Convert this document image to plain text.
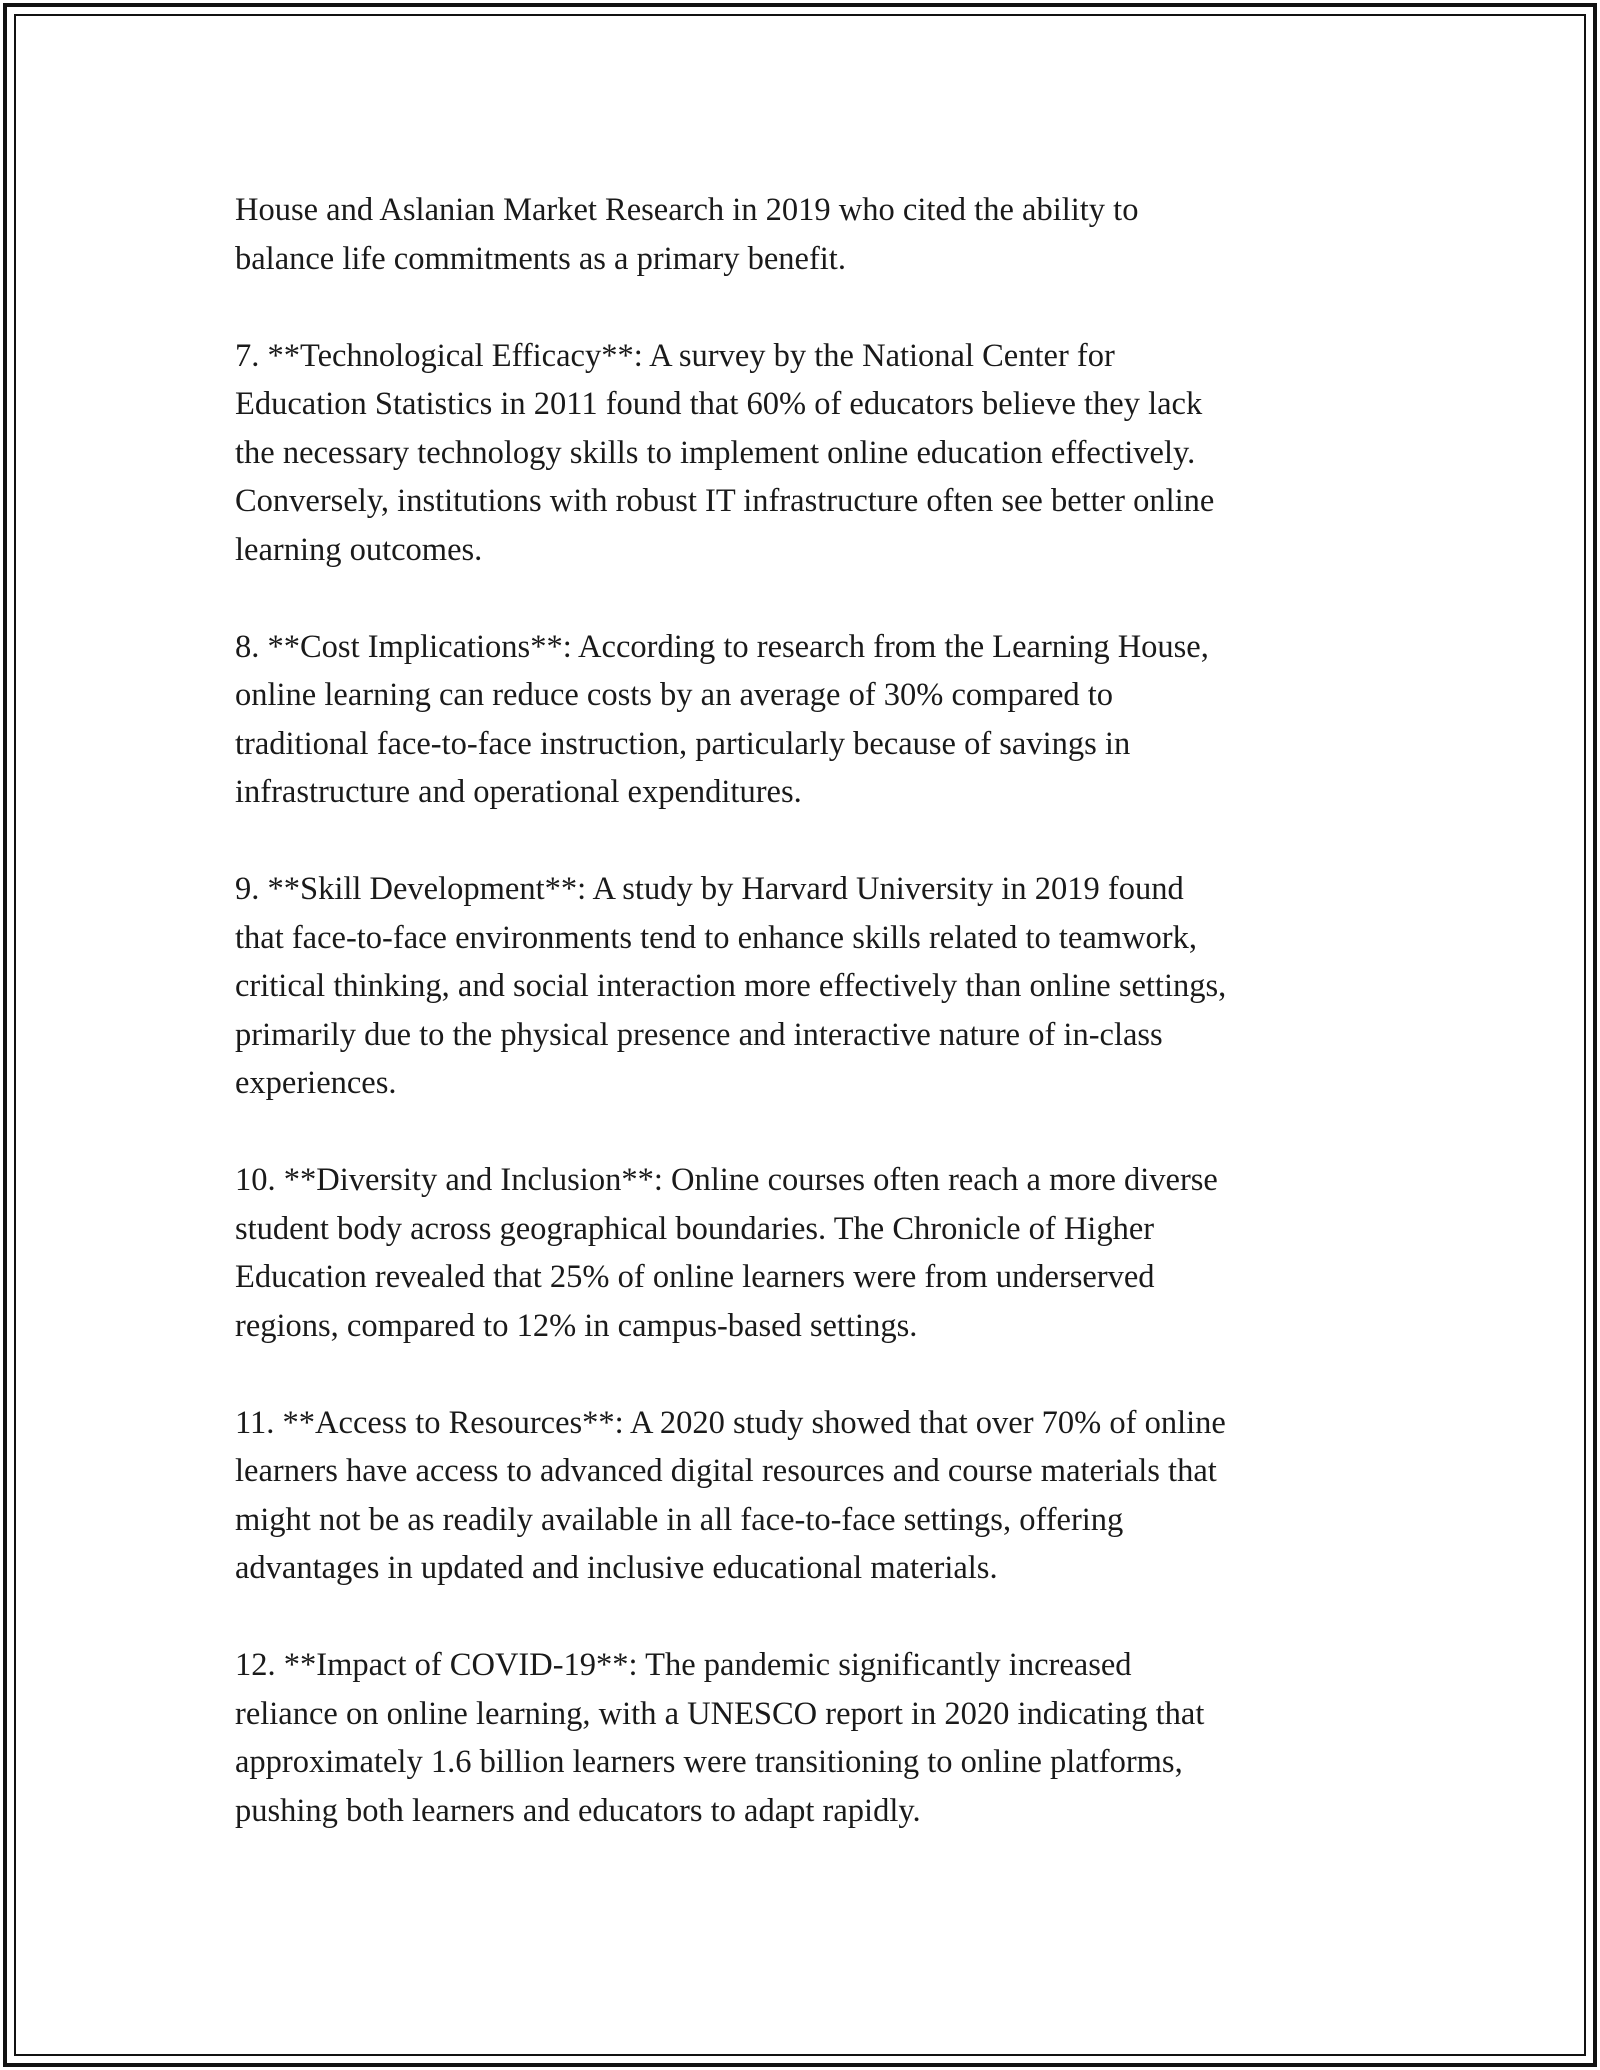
House and Aslanian Market Research in 2019 who cited the ability to
balance life commitments as a primary benefit.

7. **Technological Efficacy**: A survey by the National Center for
Education Statistics in 2011 found that 60% of educators believe they lack
the necessary technology skills to implement online education effectively.
Conversely, institutions with robust IT infrastructure often see better online
learning outcomes.

8. **Cost Implications**: According to research from the Learning House,
online learning can reduce costs by an average of 30% compared to
traditional face-to-face instruction, particularly because of savings in
infrastructure and operational expenditures.

9. **Skill Development**: A study by Harvard University in 2019 found
that face-to-face environments tend to enhance skills related to teamwork,
critical thinking, and social interaction more effectively than online settings,
primarily due to the physical presence and interactive nature of in-class
experiences.

10. **Diversity and Inclusion**: Online courses often reach a more diverse
student body across geographical boundaries. The Chronicle of Higher
Education revealed that 25% of online learners were from underserved
regions, compared to 12% in campus-based settings.

11. **Access to Resources**: A 2020 study showed that over 70% of online
learners have access to advanced digital resources and course materials that
might not be as readily available in all face-to-face settings, offering
advantages in updated and inclusive educational materials.

12. **Impact of COVID-19**: The pandemic significantly increased
reliance on online learning, with a UNESCO report in 2020 indicating that
approximately 1.6 billion learners were transitioning to online platforms,
pushing both learners and educators to adapt rapidly.
